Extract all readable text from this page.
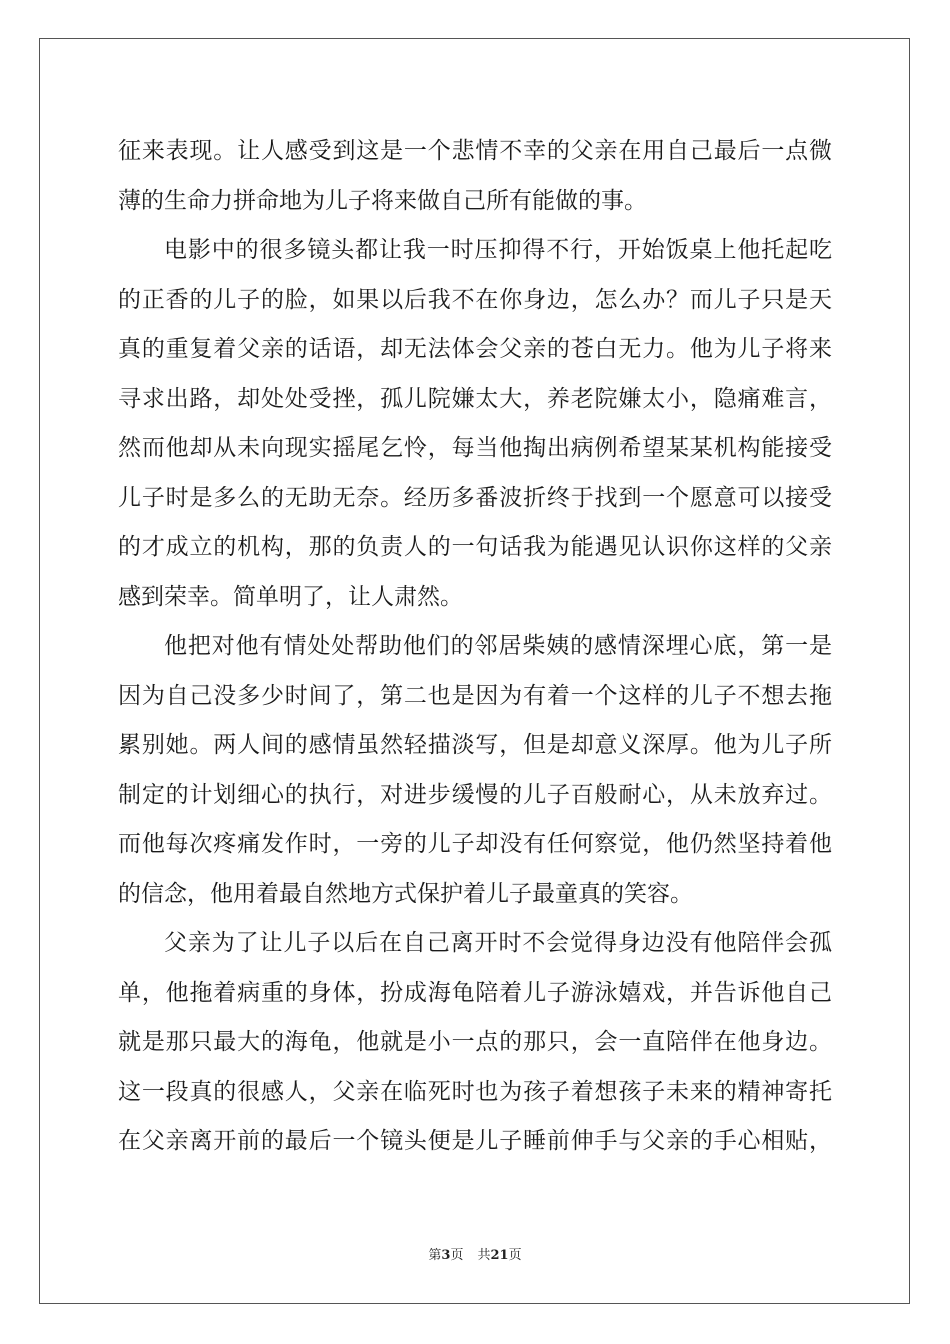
征来表现。让人感受到这是一个悲情不幸的父亲在用自己最后一点微
薄的生命力拼命地为儿子将来做自己所有能做的事。
电影中的很多镜头都让我一时压抑得不行，开始饭桌上他托起吃
的正香的儿子的脸，如果以后我不在你身边，怎么办？而儿子只是天
真的重复着父亲的话语，却无法体会父亲的苍白无力。他为儿子将来
寻求出路，却处处受挫，孤儿院嫌太大，养老院嫌太小，隐痛难言，
然而他却从未向现实摇尾乞怜，每当他掏出病例希望某某机构能接受
儿子时是多么的无助无奈。经历多番波折终于找到一个愿意可以接受
的才成立的机构，那的负责人的一句话我为能遇见认识你这样的父亲
感到荣幸。简单明了，让人肃然。
他把对他有情处处帮助他们的邻居柴姨的感情深埋心底，第一是
因为自己没多少时间了，第二也是因为有着一个这样的儿子不想去拖
累别她。两人间的感情虽然轻描淡写，但是却意义深厚。他为儿子所
制定的计划细心的执行，对进步缓慢的儿子百般耐心，从未放弃过。
而他每次疼痛发作时，一旁的儿子却没有任何察觉，他仍然坚持着他
的信念，他用着最自然地方式保护着儿子最童真的笑容。
父亲为了让儿子以后在自己离开时不会觉得身边没有他陪伴会孤
单，他拖着病重的身体，扮成海龟陪着儿子游泳嬉戏，并告诉他自己
就是那只最大的海龟，他就是小一点的那只，会一直陪伴在他身边。
这一段真的很感人，父亲在临死时也为孩子着想孩子未来的精神寄托
在父亲离开前的最后一个镜头便是儿子睡前伸手与父亲的手心相贴，
第3页 共21页
